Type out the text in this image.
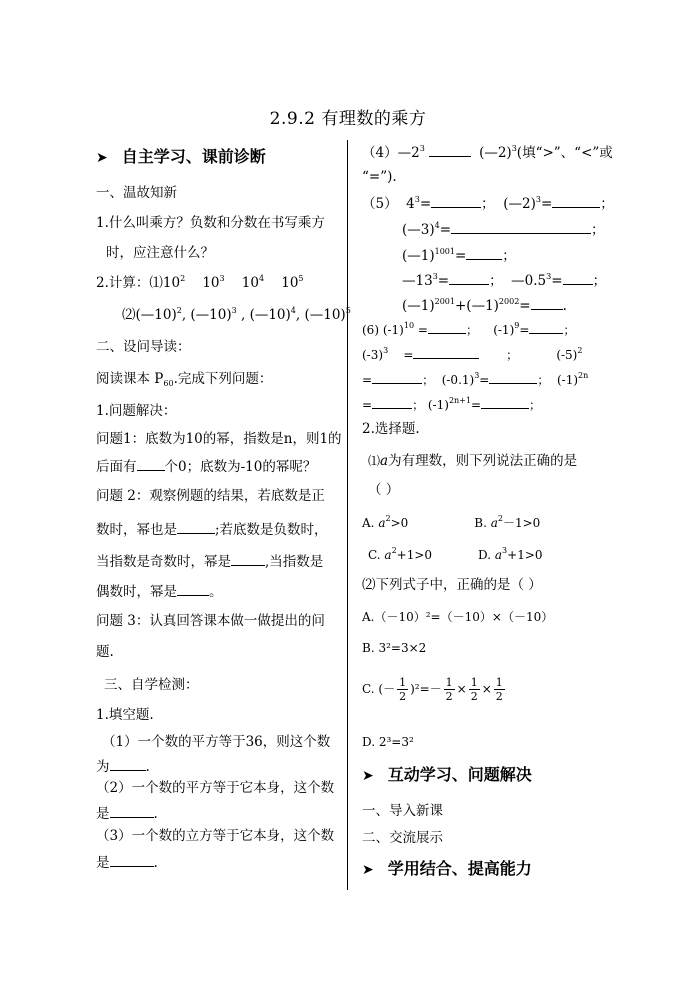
2.9.2 有理数的乘方
➤ 自主学习、课前诊断
一、温故知新
1.什么叫乘方？负数和分数在书写乘方
时，应注意什么？
2.计算：$⑴10^2$ $10^3$ $10^4$ $10^5$
⑵(—10)$^2$, (—10)$^3$ , (—10)$^4$, (—10)$^5$
二、设问导读：
阅读课本 $P_{60}$.完成下列问题：
1.问题解决：
问题1：底数为10的幂，指数是n，则1的
后面有 个0；底数为-10的幂呢？
问题 2：观察例题的结果，若底数是正
数时，幂也是	;若底数是负数时，
当指数是奇数时，幂是	,当指数是
偶数时，幂是 。
问题 3：认真回答课本做一做提出的问
题.
三、自学检测：
1.填空题.
（1）一个数的平方等于36，则这个数
为	.
（2）一个数的平方等于它本身，这个数
是	.
（3）一个数的立方等于它本身，这个数
是	.
$(4)—2^3$	(—2)$^3$(填“>”、“<”或
“=”).
（5）  $4^3=$	；  (—2)$^3$=	；
(—3)$^4$=	；
(—1)$^{1001}$=	；
$—13^3=$	；  $—0.5^3=$ ；
(—1)$^{2001}$+(—1)$^{2002}$= .
(6) $(-1)^{10}$ =	；    $(-1)^9=$	；
$(-3)^3$    =	；          $(-5)^2$
=	；  $(-0.1)^3=$	；  $(-1)^{2n}$
=	； $(-1)^{2n+1}=$	；
2.选择题.
⑴a为有理数，则下列说法正确的是
（ ）
A. $a^2>0$	B. $a^2-1>0$
C. $a^2+1>0$	D. $a^3+1>0$
⑵下列式子中，正确的是（ ）
A.（－10）²=（－10）×（－10）
B. 3²=3×2
C. (－ $\frac{1}{2} )^2=- \frac{1}{2} \times \frac{1}{2} \times \frac{1}{2}$
D. 2³=3²
➤ 互动学习、问题解决
一、导入新课
二、交流展示
➤ 学用结合、提高能力
